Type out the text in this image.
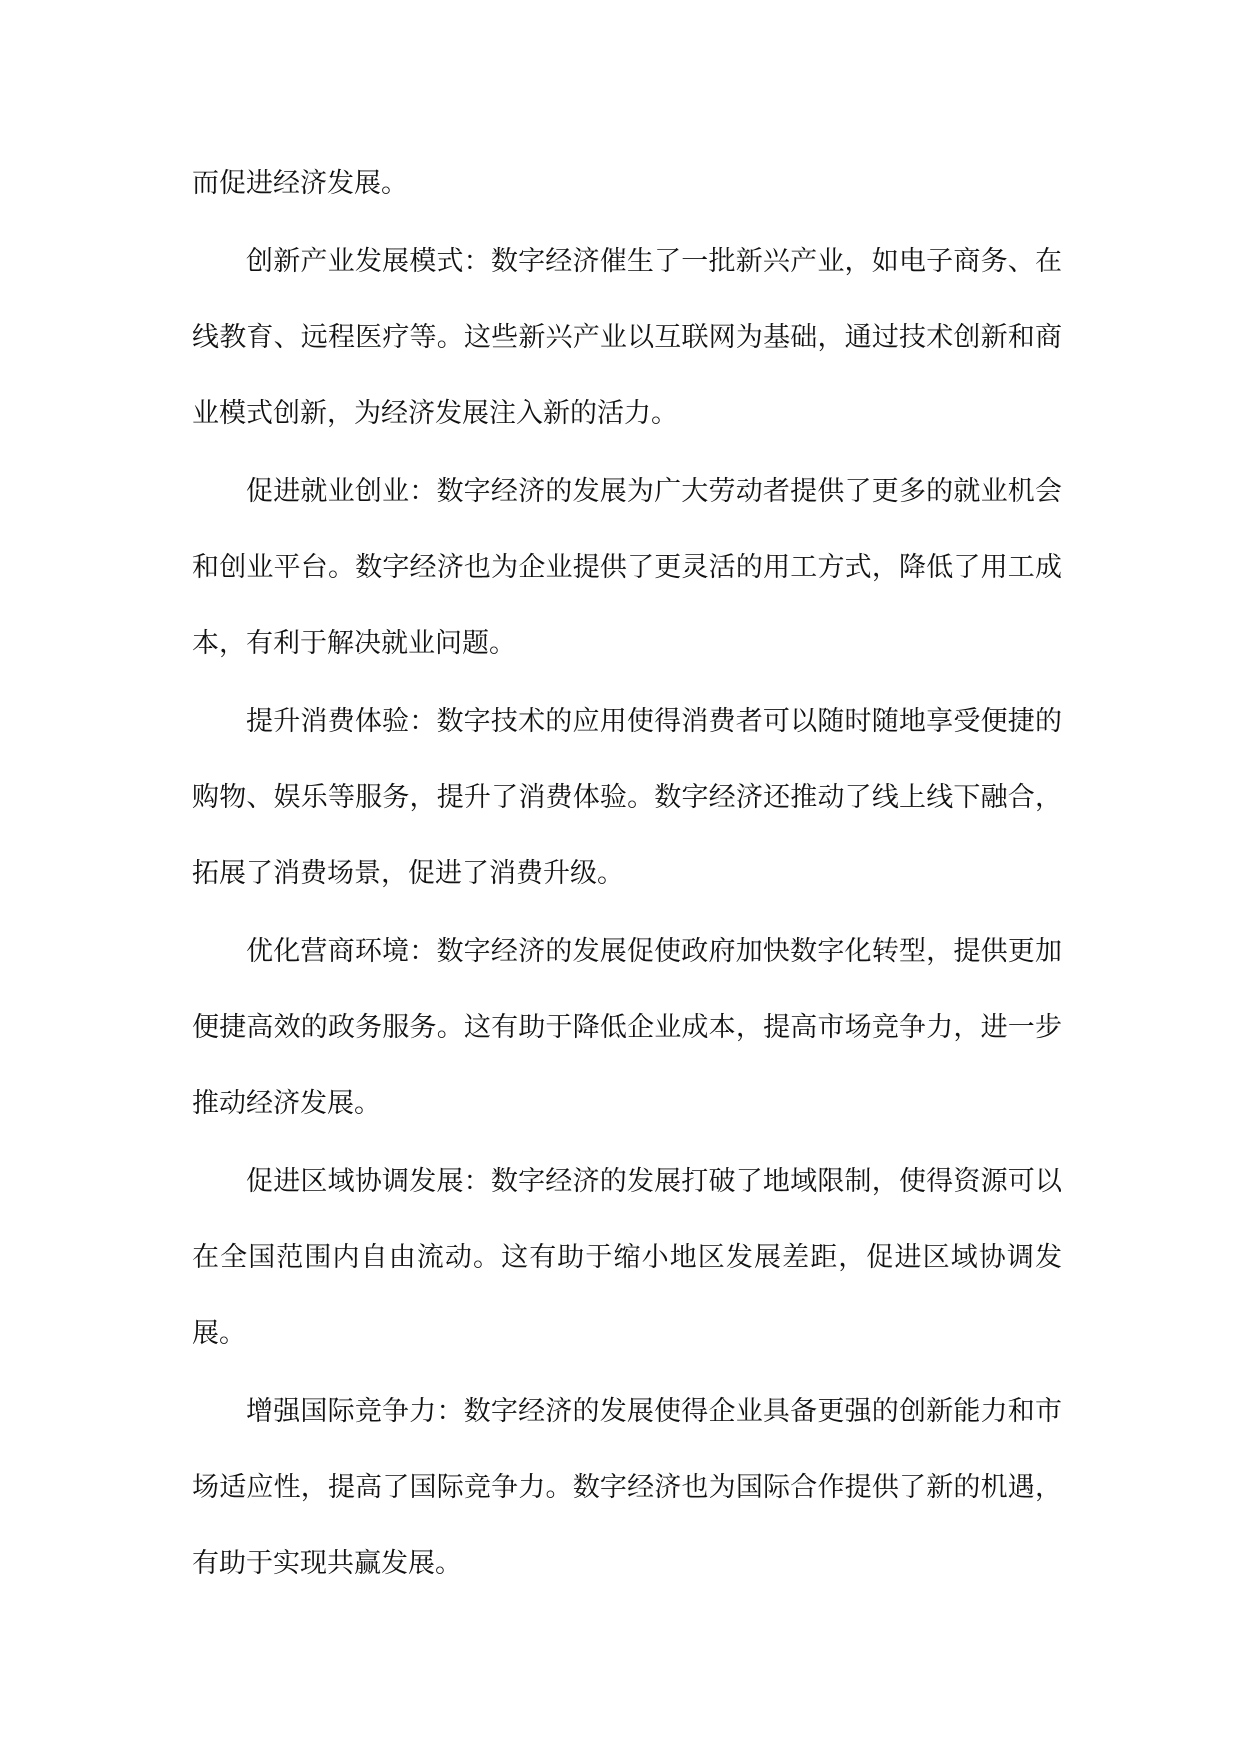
而促进经济发展。

创新产业发展模式：数字经济催生了一批新兴产业，如电子商务、在线教育、远程医疗等。这些新兴产业以互联网为基础，通过技术创新和商业模式创新，为经济发展注入新的活力。

促进就业创业：数字经济的发展为广大劳动者提供了更多的就业机会和创业平台。数字经济也为企业提供了更灵活的用工方式，降低了用工成本，有利于解决就业问题。

提升消费体验：数字技术的应用使得消费者可以随时随地享受便捷的购物、娱乐等服务，提升了消费体验。数字经济还推动了线上线下融合，拓展了消费场景，促进了消费升级。

优化营商环境：数字经济的发展促使政府加快数字化转型，提供更加便捷高效的政务服务。这有助于降低企业成本，提高市场竞争力，进一步推动经济发展。

促进区域协调发展：数字经济的发展打破了地域限制，使得资源可以在全国范围内自由流动。这有助于缩小地区发展差距，促进区域协调发展。

增强国际竞争力：数字经济的发展使得企业具备更强的创新能力和市场适应性，提高了国际竞争力。数字经济也为国际合作提供了新的机遇，有助于实现共赢发展。
